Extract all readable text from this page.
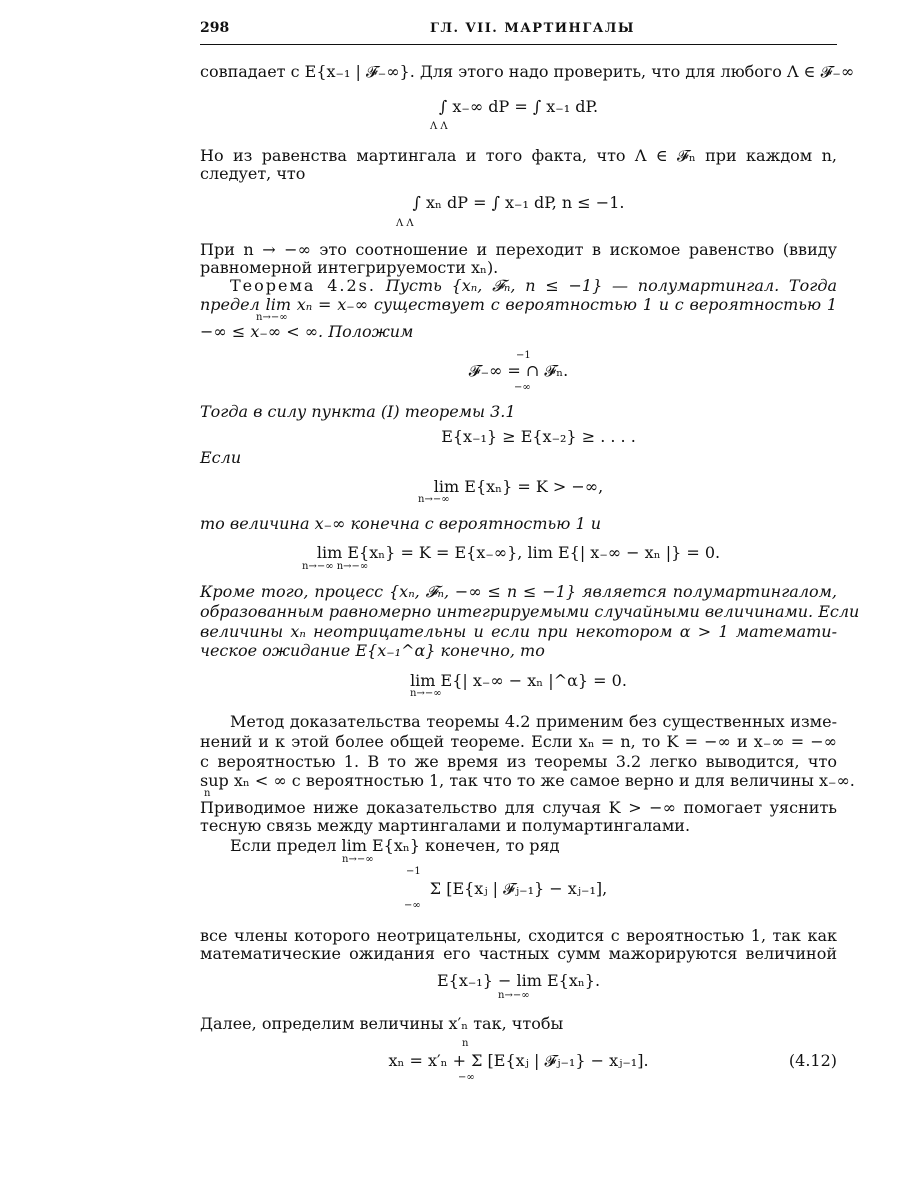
298	ГЛ. VII. МАРТИНГАЛЫ
совпадает с E{x₋₁ | 𝓕₋∞}. Для этого надо проверить, что для любого Λ ∈ 𝓕₋∞
∫ x₋∞ dP = ∫ x₋₁ dP.
Λ Λ
Но из равенства мартингала и того факта, что Λ ∈ 𝓕ₙ при каждом n,
следует, что
∫ xₙ dP = ∫ x₋₁ dP, n ≤ −1.
Λ Λ
При n → −∞ это соотношение и переходит в искомое равенство (ввиду
равномерной интегрируемости xₙ).
Теорема 4.2s. Пусть {xₙ, 𝓕ₙ, n ≤ −1} — полумартингал. Тогда
предел lim xₙ = x₋∞ существует с вероятностью 1 и с вероятностью 1
n→−∞
−∞ ≤ x₋∞ < ∞. Положим
−1
𝓕₋∞ = ∩ 𝓕ₙ.
−∞
Тогда в силу пункта (I) теоремы 3.1
E{x₋₁} ≥ E{x₋₂} ≥ . . . .
Если
lim E{xₙ} = K > −∞,
n→−∞
то величина x₋∞ конечна с вероятностью 1 и
lim E{xₙ} = K = E{x₋∞}, lim E{| x₋∞ − xₙ |} = 0.
n→−∞ n→−∞
Кроме того, процесс {xₙ, 𝓕ₙ, −∞ ≤ n ≤ −1} является полумартингалом,
образованным равномерно интегрируемыми случайными величинами. Если
величины xₙ неотрицательны и если при некотором α > 1 математи-
ческое ожидание E{x₋₁^α} конечно, то
lim E{| x₋∞ − xₙ |^α} = 0.
n→−∞
Метод доказательства теоремы 4.2 применим без существенных изме-
нений и к этой более общей теореме. Если xₙ = n, то K = −∞ и x₋∞ = −∞
с вероятностью 1. В то же время из теоремы 3.2 легко выводится, что
sup xₙ < ∞ с вероятностью 1, так что то же самое верно и для величины x₋∞.
n
Приводимое ниже доказательство для случая K > −∞ помогает уяснить
тесную связь между мартингалами и полумартингалами.
Если предел lim E{xₙ} конечен, то ряд
n→−∞
−1
Σ [E{xⱼ | 𝓕ⱼ₋₁} − xⱼ₋₁],
−∞
все члены которого неотрицательны, сходится с вероятностью 1, так как
математические ожидания его частных сумм мажорируются величиной
E{x₋₁} − lim E{xₙ}.
n→−∞
Далее, определим величины x′ₙ так, чтобы
n
xₙ = x′ₙ + Σ [E{xⱼ | 𝓕ⱼ₋₁} − xⱼ₋₁].	(4.12)
−∞
